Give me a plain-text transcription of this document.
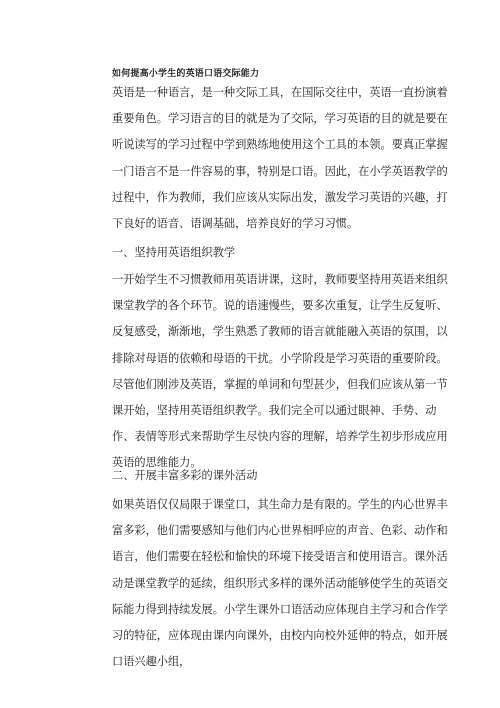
如何提高小学生的英语口语交际能力

英语是一种语言，是一种交际工具，在国际交往中，英语一直扮演着重要角色。学习语言的目的就是为了交际，学习英语的目的就是要在听说读写的学习过程中学到熟练地使用这个工具的本领。要真正掌握一门语言不是一件容易的事，特别是口语。因此，在小学英语教学的过程中，作为教师，我们应该从实际出发，激发学习英语的兴趣，打下良好的语音、语调基础，培养良好的学习习惯。

一、坚持用英语组织教学

一开始学生不习惯教师用英语讲课，这时，教师要坚持用英语来组织课堂教学的各个环节。说的语速慢些，要多次重复，让学生反复听、反复感受，渐渐地，学生熟悉了教师的语言就能融入英语的氛围，以排除对母语的依赖和母语的干扰。小学阶段是学习英语的重要阶段。尽管他们刚涉及英语，掌握的单词和句型甚少，但我们应该从第一节课开始，坚持用英语组织教学。我们完全可以通过眼神、手势、动作、表情等形式来帮助学生尽快内容的理解，培养学生初步形成应用英语的思维能力。

二、开展丰富多彩的课外活动

如果英语仅仅局限于课堂口，其生命力是有限的。学生的内心世界丰富多彩，他们需要感知与他们内心世界相呼应的声音、色彩、动作和语言，他们需要在轻松和愉快的环境下接受语言和使用语言。课外活动是课堂教学的延续，组织形式多样的课外活动能够使学生的英语交际能力得到持续发展。小学生课外口语活动应体现自主学习和合作学习的特征，应体现由课内向课外，由校内向校外延伸的特点，如开展口语兴趣小组，
